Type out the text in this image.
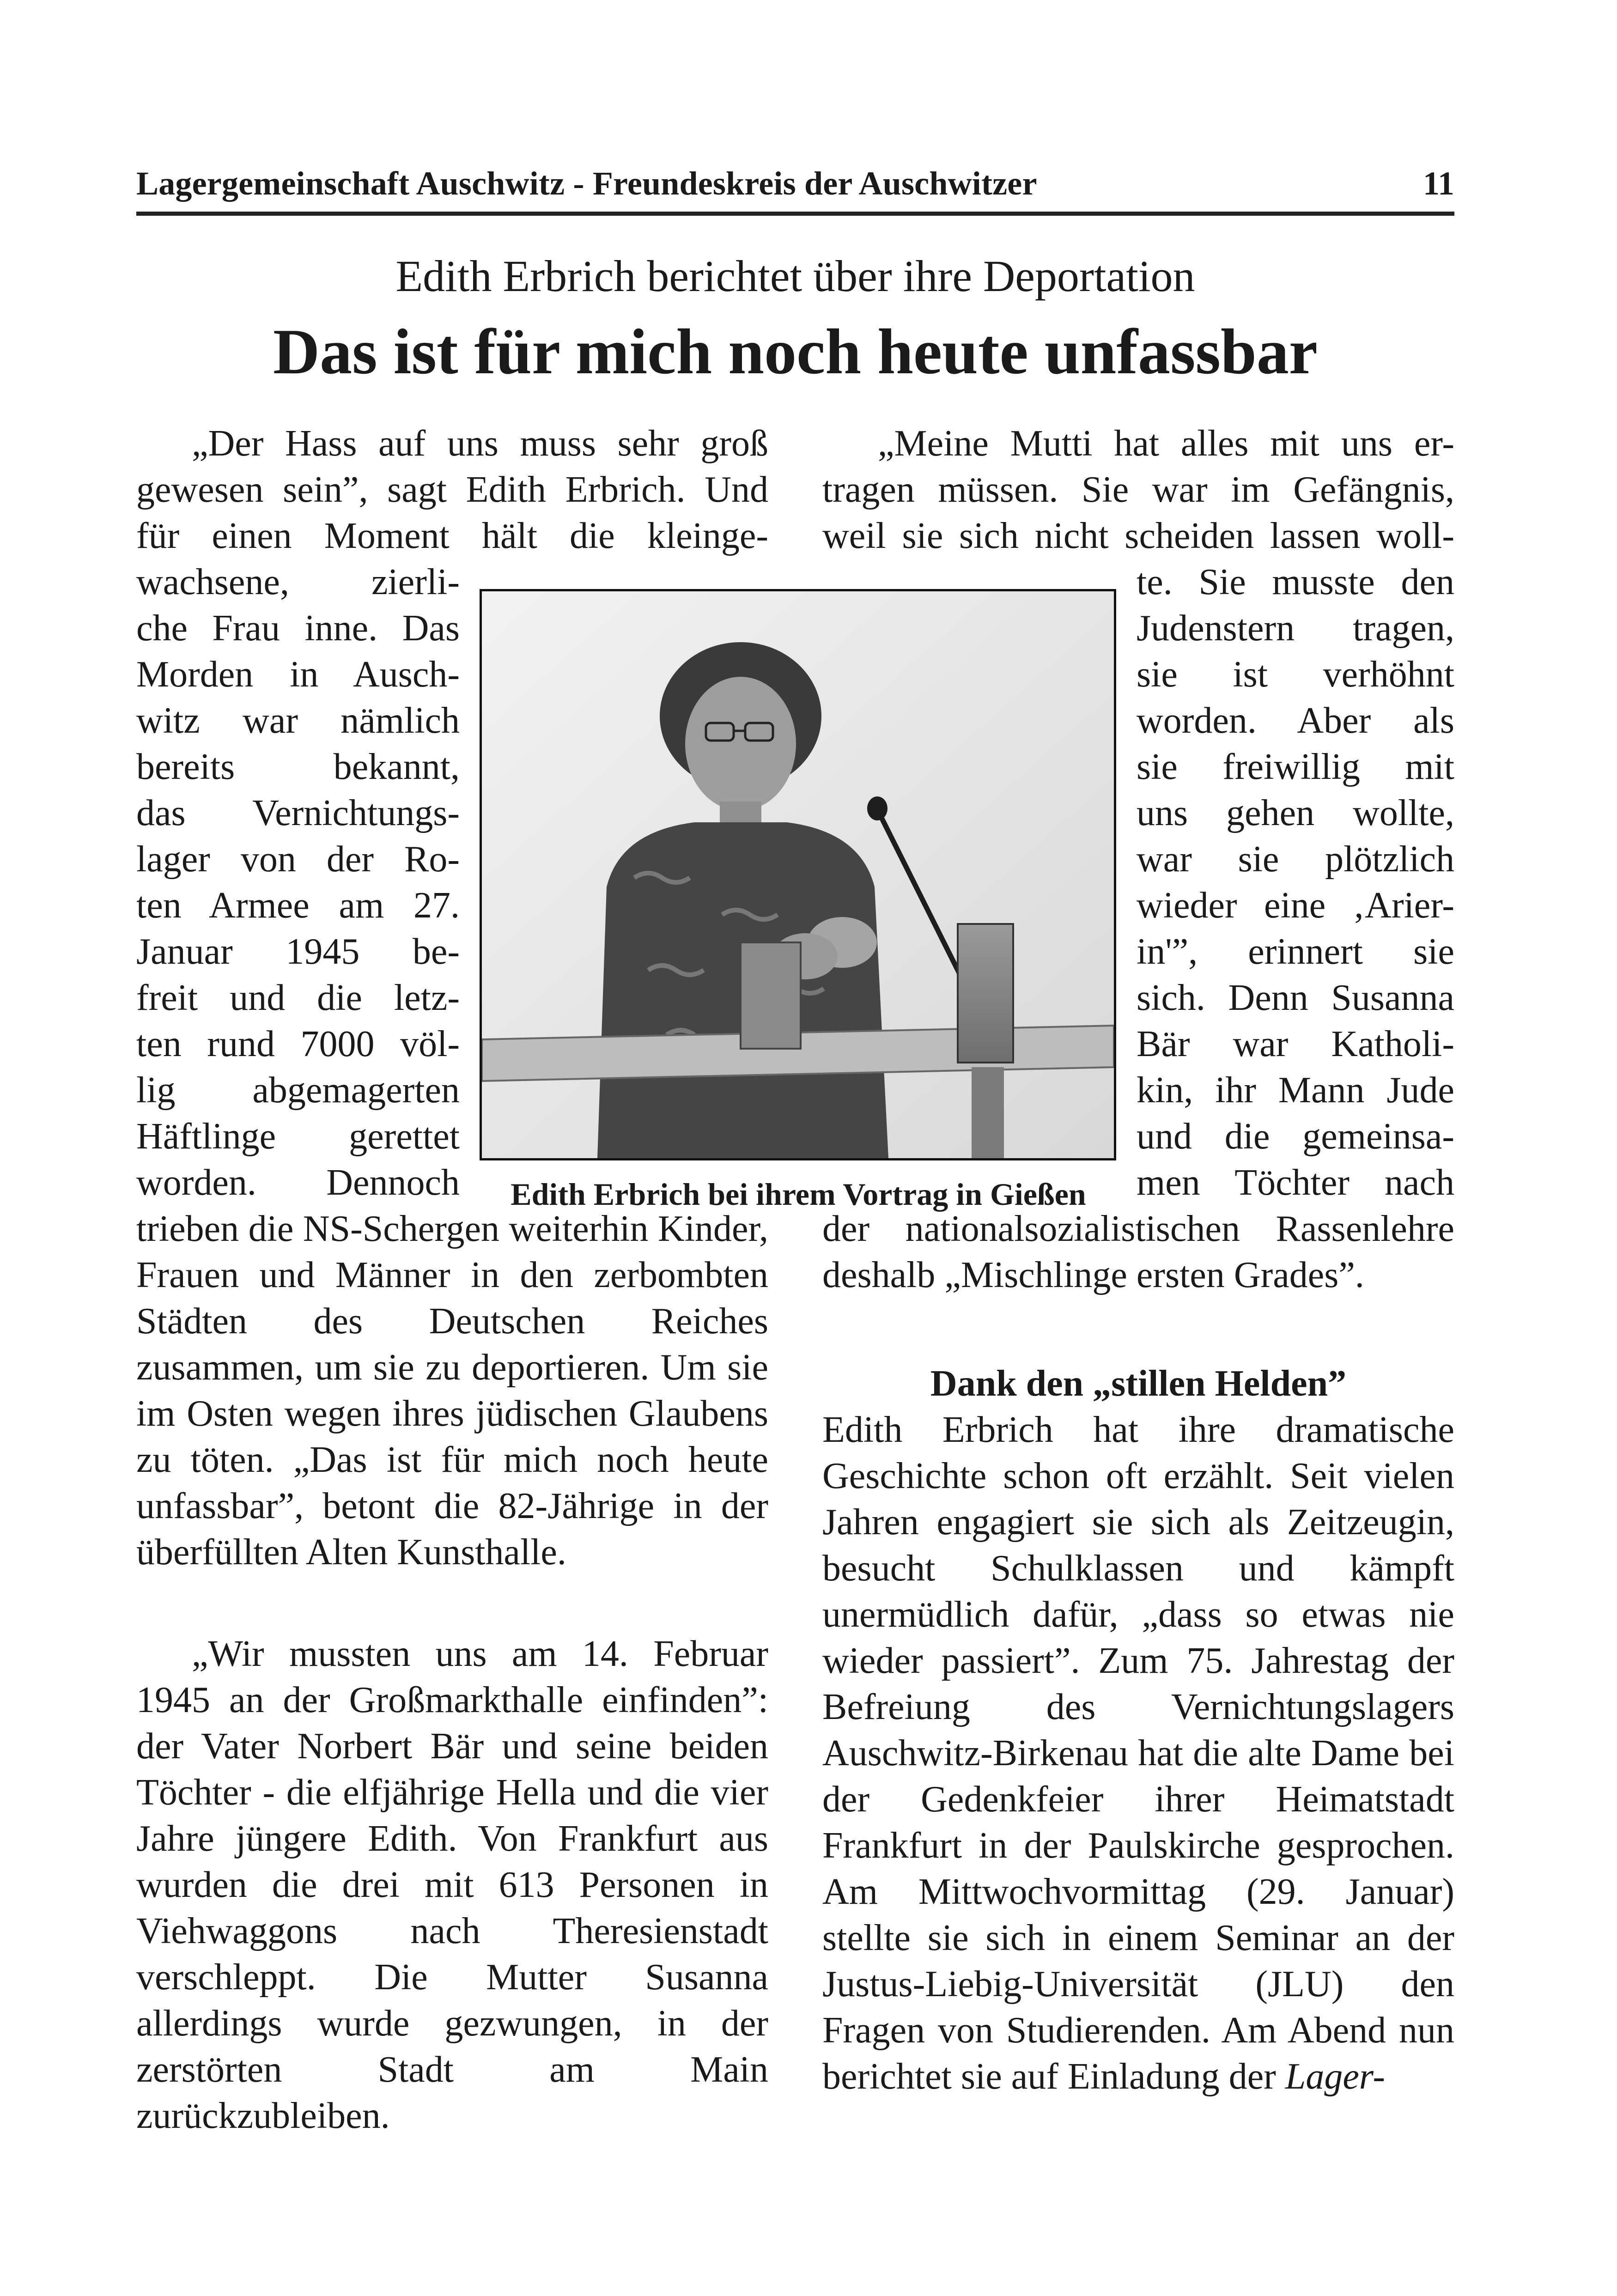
Lagergemeinschaft Auschwitz - Freundeskreis der Auschwitzer	11
Edith Erbrich berichtet über ihre Deportation
Das ist für mich noch heute unfassbar
„Der Hass auf uns muss sehr groß
gewesen sein”, sagt Edith Erbrich. Und
für einen Moment hält die kleinge-
wachsene, zierli-
che Frau inne. Das
Morden in Ausch-
witz war nämlich
bereits bekannt,
das Vernichtungs-
lager von der Ro-
ten Armee am 27.
Januar 1945 be-
freit und die letz-
ten rund 7000 völ-
lig abgemagerten
Häftlinge gerettet
worden. Dennoch

trieben die NS-Schergen weiterhin Kinder, Frauen und Männer in den zerbombten Städten des Deutschen Reiches zusammen, um sie zu deportieren. Um sie im Osten wegen ihres jüdischen Glaubens zu töten. „Das ist für mich noch heute unfassbar”, betont die 82-Jährige in der überfüllten Alten Kunsthalle.

„Wir mussten uns am 14. Februar 1945 an der Großmarkthalle einfinden”: der Vater Norbert Bär und seine beiden Töchter - die elfjährige Hella und die vier Jahre jüngere Edith. Von Frankfurt aus wurden die drei mit 613 Personen in Viehwaggons nach Theresienstadt verschleppt. Die Mutter Susanna allerdings wurde gezwungen, in der zerstörten Stadt am Main zurückzubleiben.

Edith Erbrich bei ihrem Vortrag in Gießen
„Meine Mutti hat alles mit uns er-
tragen müssen. Sie war im Gefängnis,
weil sie sich nicht scheiden lassen woll-
te. Sie musste den
Judenstern tragen,
sie ist verhöhnt
worden. Aber als
sie freiwillig mit
uns gehen wollte,
war sie plötzlich
wieder eine ‚Arier-
in'”, erinnert sie
sich. Denn Susanna
Bär war Katholi-
kin, ihr Mann Jude
und die gemeinsa-
men Töchter nach
der nationalsozialistischen Rassenlehre
deshalb „Mischlinge ersten Grades”.
Dank den „stillen Helden”

Edith Erbrich hat ihre dramatische Geschichte schon oft erzählt. Seit vielen Jahren engagiert sie sich als Zeitzeugin, besucht Schulklassen und kämpft unermüdlich dafür, „dass so etwas nie wieder passiert”. Zum 75. Jahrestag der Befreiung des Vernichtungslagers Auschwitz-Birkenau hat die alte Dame bei der Gedenkfeier ihrer Heimatstadt Frankfurt in der Paulskirche gesprochen. Am Mittwochvormittag (29. Januar) stellte sie sich in einem Seminar an der Justus-Liebig-Universität (JLU) den Fragen von Studierenden. Am Abend nun berichtet sie auf Einladung der Lager-
